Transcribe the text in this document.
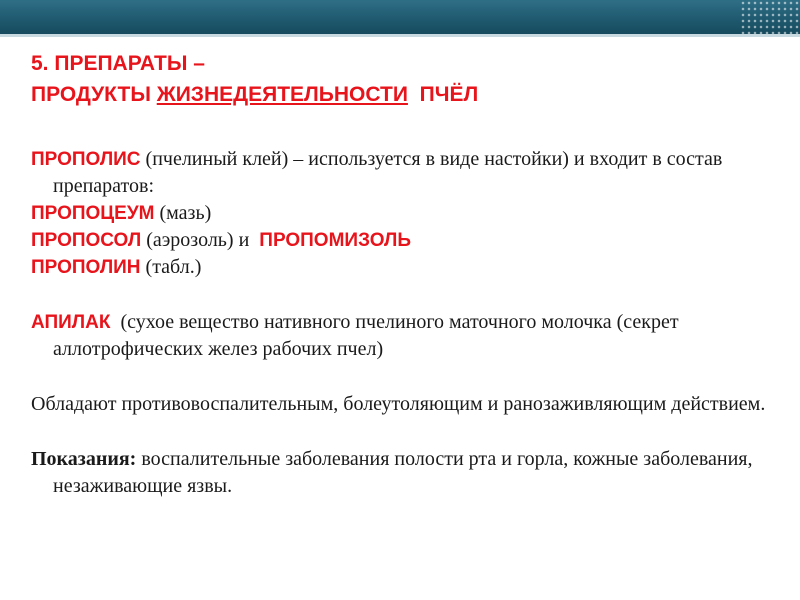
5. ПРЕПАРАТЫ –
ПРОДУКТЫ ЖИЗНЕДЕЯТЕЛЬНОСТИ  ПЧЁЛ

ПРОПОЛИС (пчелиный клей) – используется в виде настойки) и входит в состав препаратов:

ПРОПОЦЕУМ (мазь)

ПРОПОСОЛ (аэрозоль) и  ПРОПОМИЗОЛЬ

ПРОПОЛИН (табл.)

АПИЛАК  (сухое вещество нативного пчелиного маточного молочка (секрет аллотрофических желез рабочих пчел)

Обладают противовоспалительным, болеутоляющим и ранозаживляющим действием.

Показания: воспалительные заболевания полости рта и горла, кожные заболевания, незаживающие язвы.
